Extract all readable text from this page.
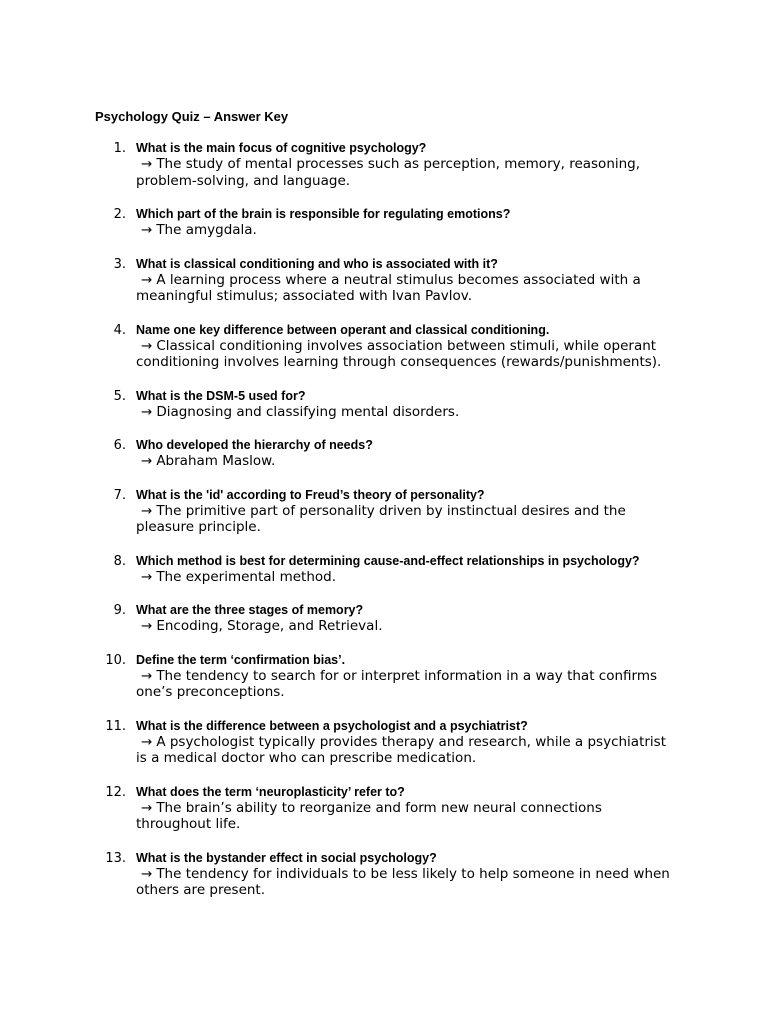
Psychology Quiz – Answer Key
1. What is the main focus of cognitive psychology?
→ The study of mental processes such as perception, memory, reasoning, problem-solving, and language.
2. Which part of the brain is responsible for regulating emotions?
→ The amygdala.
3. What is classical conditioning and who is associated with it?
→ A learning process where a neutral stimulus becomes associated with a meaningful stimulus; associated with Ivan Pavlov.
4. Name one key difference between operant and classical conditioning.
→ Classical conditioning involves association between stimuli, while operant conditioning involves learning through consequences (rewards/punishments).
5. What is the DSM-5 used for?
→ Diagnosing and classifying mental disorders.
6. Who developed the hierarchy of needs?
→ Abraham Maslow.
7. What is the 'id' according to Freud’s theory of personality?
→ The primitive part of personality driven by instinctual desires and the pleasure principle.
8. Which method is best for determining cause-and-effect relationships in psychology?
→ The experimental method.
9. What are the three stages of memory?
→ Encoding, Storage, and Retrieval.
10. Define the term ‘confirmation bias’.
→ The tendency to search for or interpret information in a way that confirms one’s preconceptions.
11. What is the difference between a psychologist and a psychiatrist?
→ A psychologist typically provides therapy and research, while a psychiatrist is a medical doctor who can prescribe medication.
12. What does the term ‘neuroplasticity’ refer to?
→ The brain’s ability to reorganize and form new neural connections throughout life.
13. What is the bystander effect in social psychology?
→ The tendency for individuals to be less likely to help someone in need when others are present.
